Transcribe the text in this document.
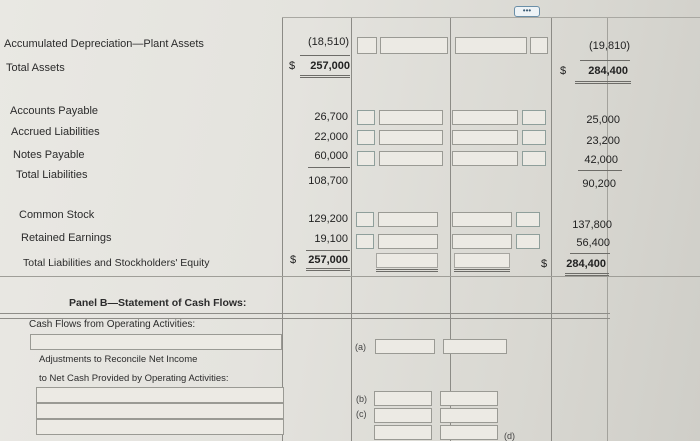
•••
Accumulated Depreciation—Plant Assets	(18,510)	(19,810)
Total Assets	$	257,000	$	284,400
Accounts Payable	26,700	25,000
Accrued Liabilities	22,000	23,200
Notes Payable	60,000	42,000
Total Liabilities	108,700	90,200
Common Stock	129,200	137,800
Retained Earnings	19,100	56,400
Total Liabilities and Stockholders' Equity	$	257,000	$	284,400
Panel B—Statement of Cash Flows:
Cash Flows from Operating Activities:
(a)
Adjustments to Reconcile Net Income
to Net Cash Provided by Operating Activities:
(b)
(c)
(d)
